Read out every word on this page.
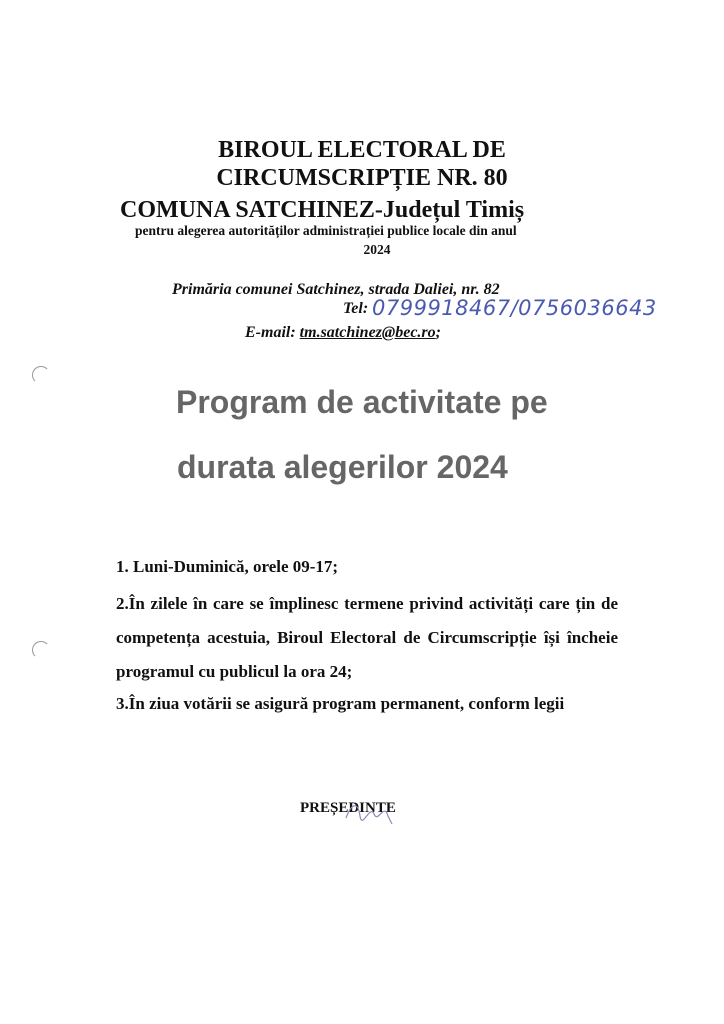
BIROUL ELECTORAL DE
CIRCUMSCRIPȚIE NR. 80
COMUNA SATCHINEZ-Județul Timiș
pentru alegerea autorităților administrației publice locale din anul
2024
Primăria comunei Satchinez, strada Daliei, nr. 82
Tel: 0799918467/0756036643
E-mail: tm.satchinez@bec.ro;
Program de activitate pe
durata alegerilor 2024
1. Luni-Duminică, orele 09-17;
2.În zilele în care se împlinesc termene privind activități care țin de competența acestuia, Biroul Electoral de Circumscripție își încheie programul cu publicul la ora 24;
3.În ziua votării se asigură program permanent, conform legii
PREȘEDINTE
